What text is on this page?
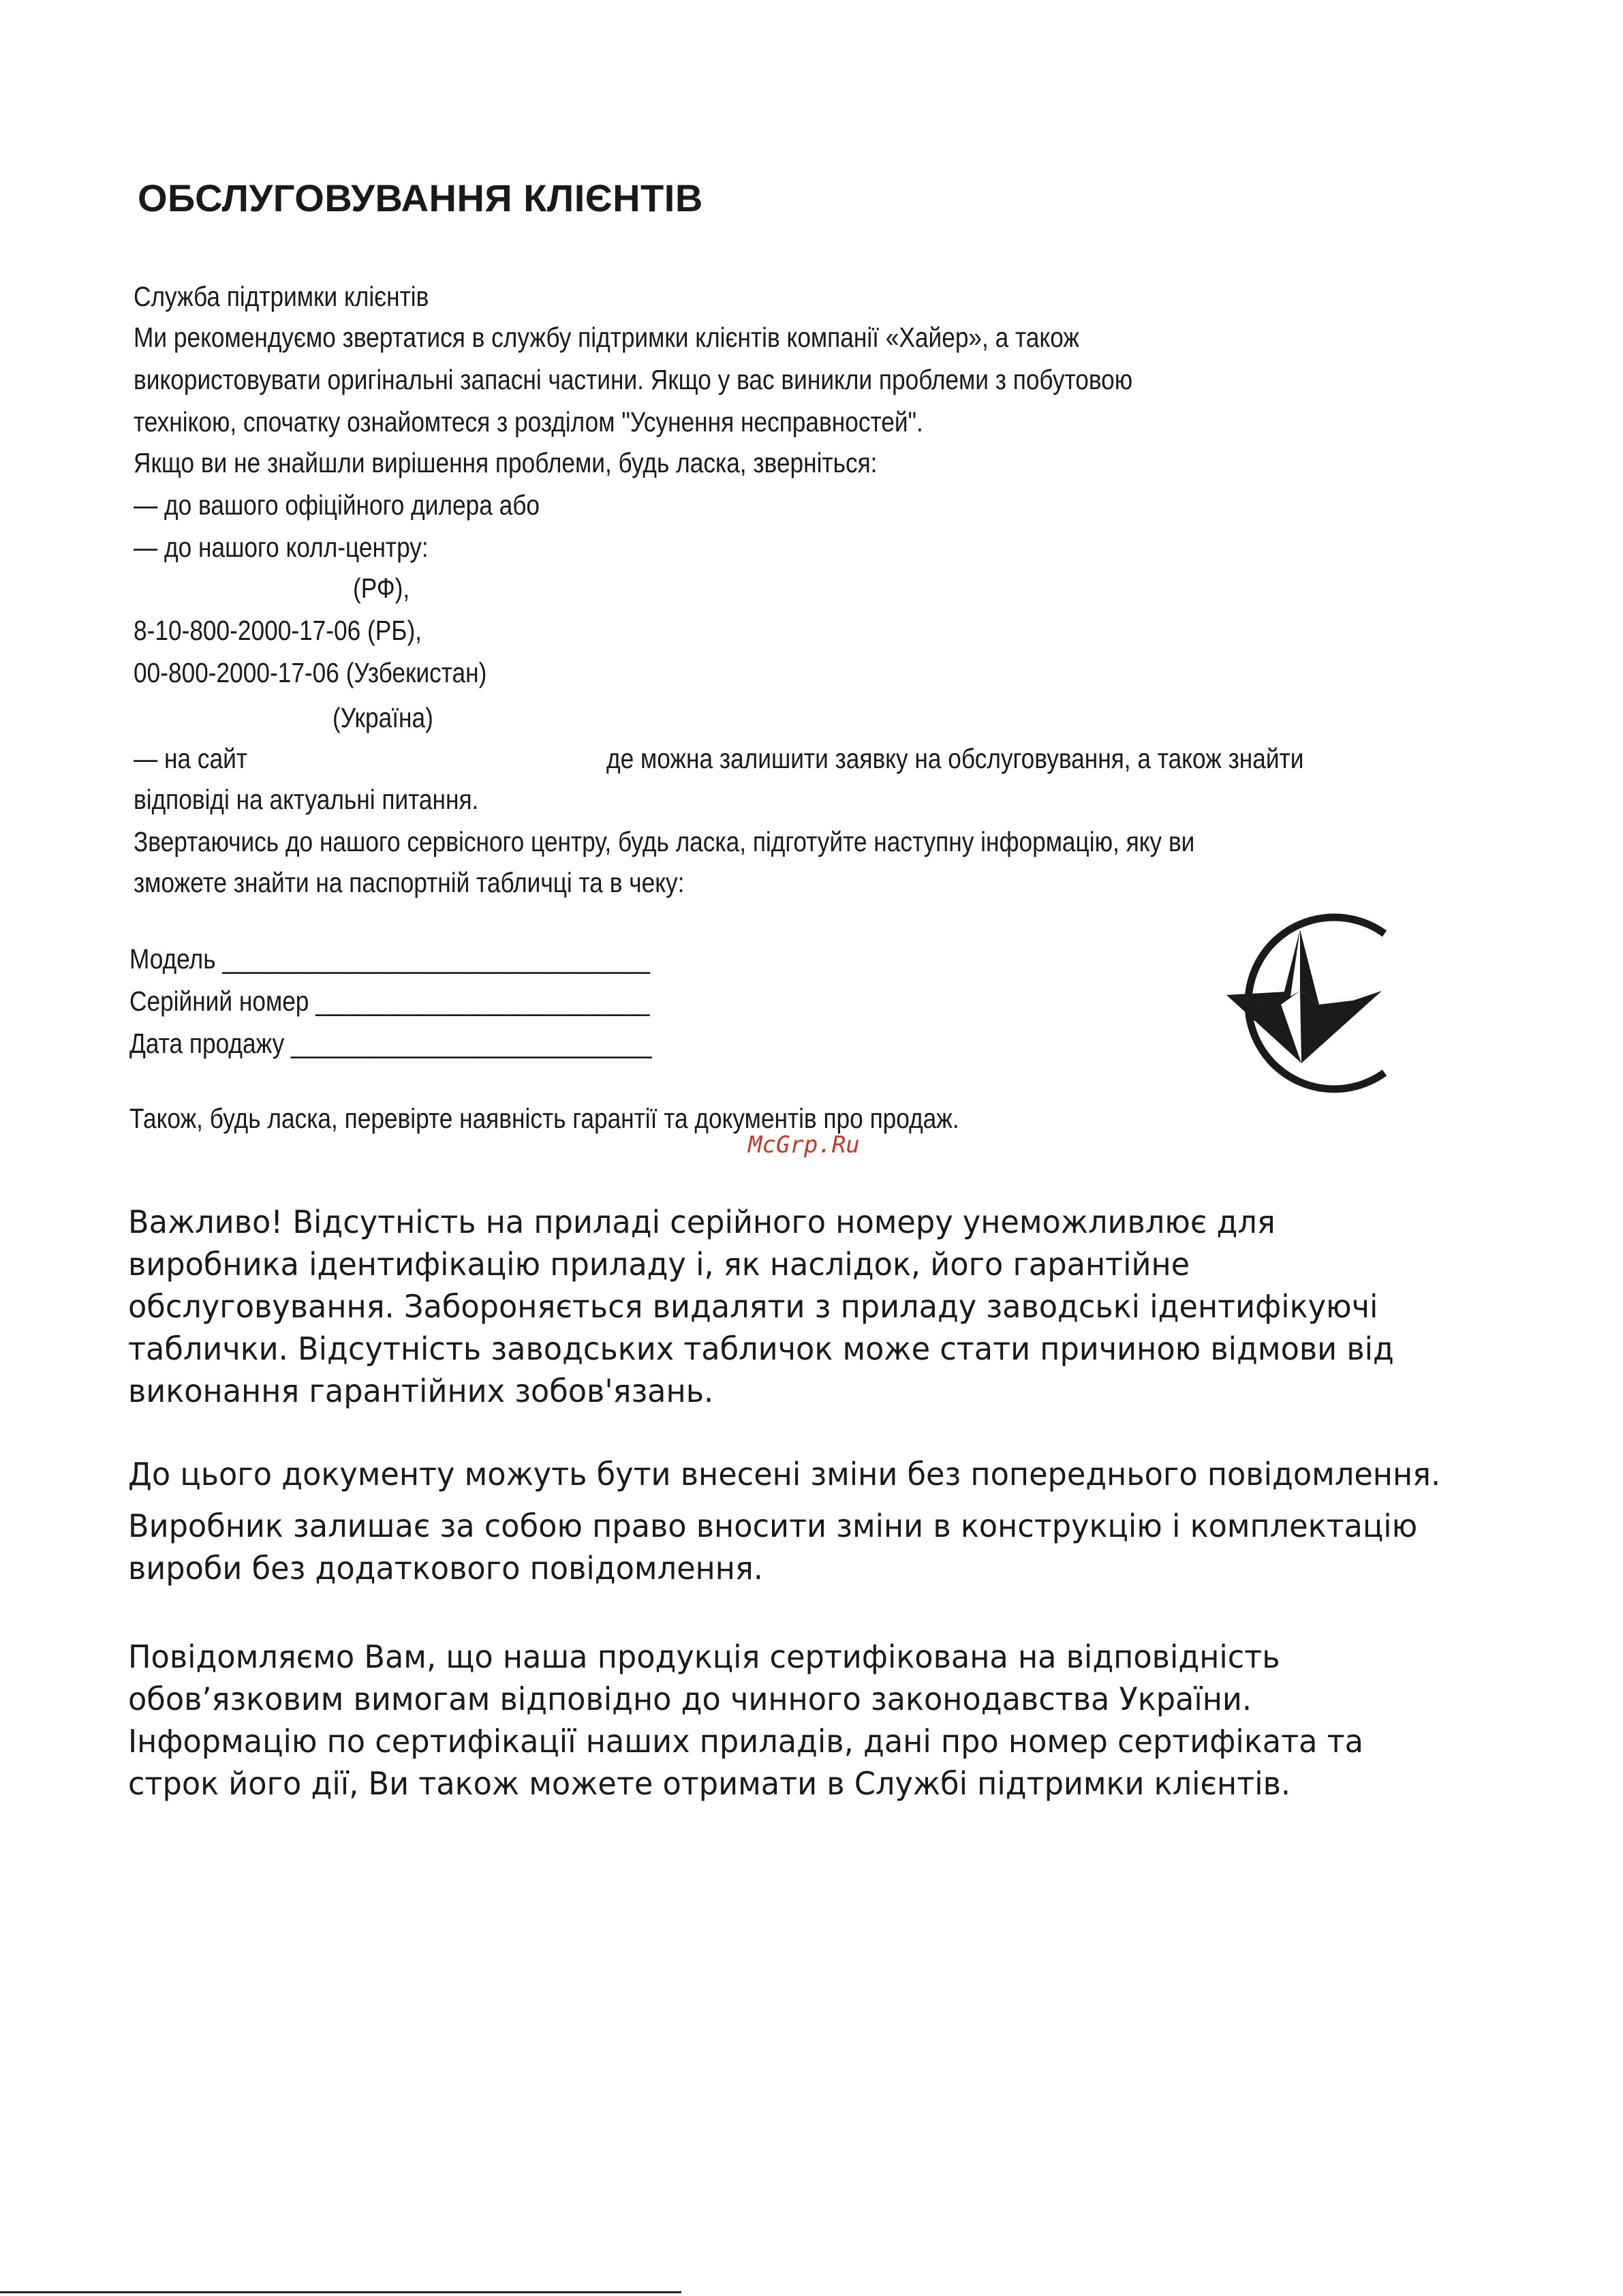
ОБСЛУГОВУВАННЯ КЛІЄНТІВ
Служба підтримки клієнтів
Ми рекомендуємо звертатися в службу підтримки клієнтів компанії «Хайер», а також
використовувати оригінальні запасні частини. Якщо у вас виникли проблеми з побутовою
технікою, спочатку ознайомтеся з розділом "Усунення несправностей".
Якщо ви не знайшли вирішення проблеми, будь ласка, зверніться:
— до вашого офіційного дилера або
— до нашого колл-центру:
(РФ),
8-10-800-2000-17-06 (РБ),
00-800-2000-17-06 (Узбекистан)
(Україна)
— на сайт	де можна залишити заявку на обслуговування, а також знайти
відповіді на актуальні питання.
Звертаючись до нашого сервісного центру, будь ласка, підготуйте наступну інформацію, яку ви
зможете знайти на паспортній табличці та в чеку:
Модель ________________________________
Серійний номер _________________________
Дата продажу ___________________________
Також, будь ласка, перевірте наявність гарантії та документів про продаж.
McGrp.Ru
Важливо! Відсутність на приладі серійного номеру унеможливлює для
виробника ідентифікацію приладу і, як наслідок, його гарантійне
обслуговування. Забороняється видаляти з приладу заводські ідентифікуючі
таблички. Відсутність заводських табличок може стати причиною відмови від
виконання гарантійних зобов'язань.
До цього документу можуть бути внесені зміни без попереднього повідомлення.
Виробник залишає за собою право вносити зміни в конструкцію і комплектацію
вироби без додаткового повідомлення.
Повідомляємо Вам, що наша продукція сертифікована на відповідність
обов’язковим вимогам відповідно до чинного законодавства України.
Інформацію по сертифікації наших приладів, дані про номер сертифіката та
строк його дії, Ви також можете отримати в Службі підтримки клієнтів.
